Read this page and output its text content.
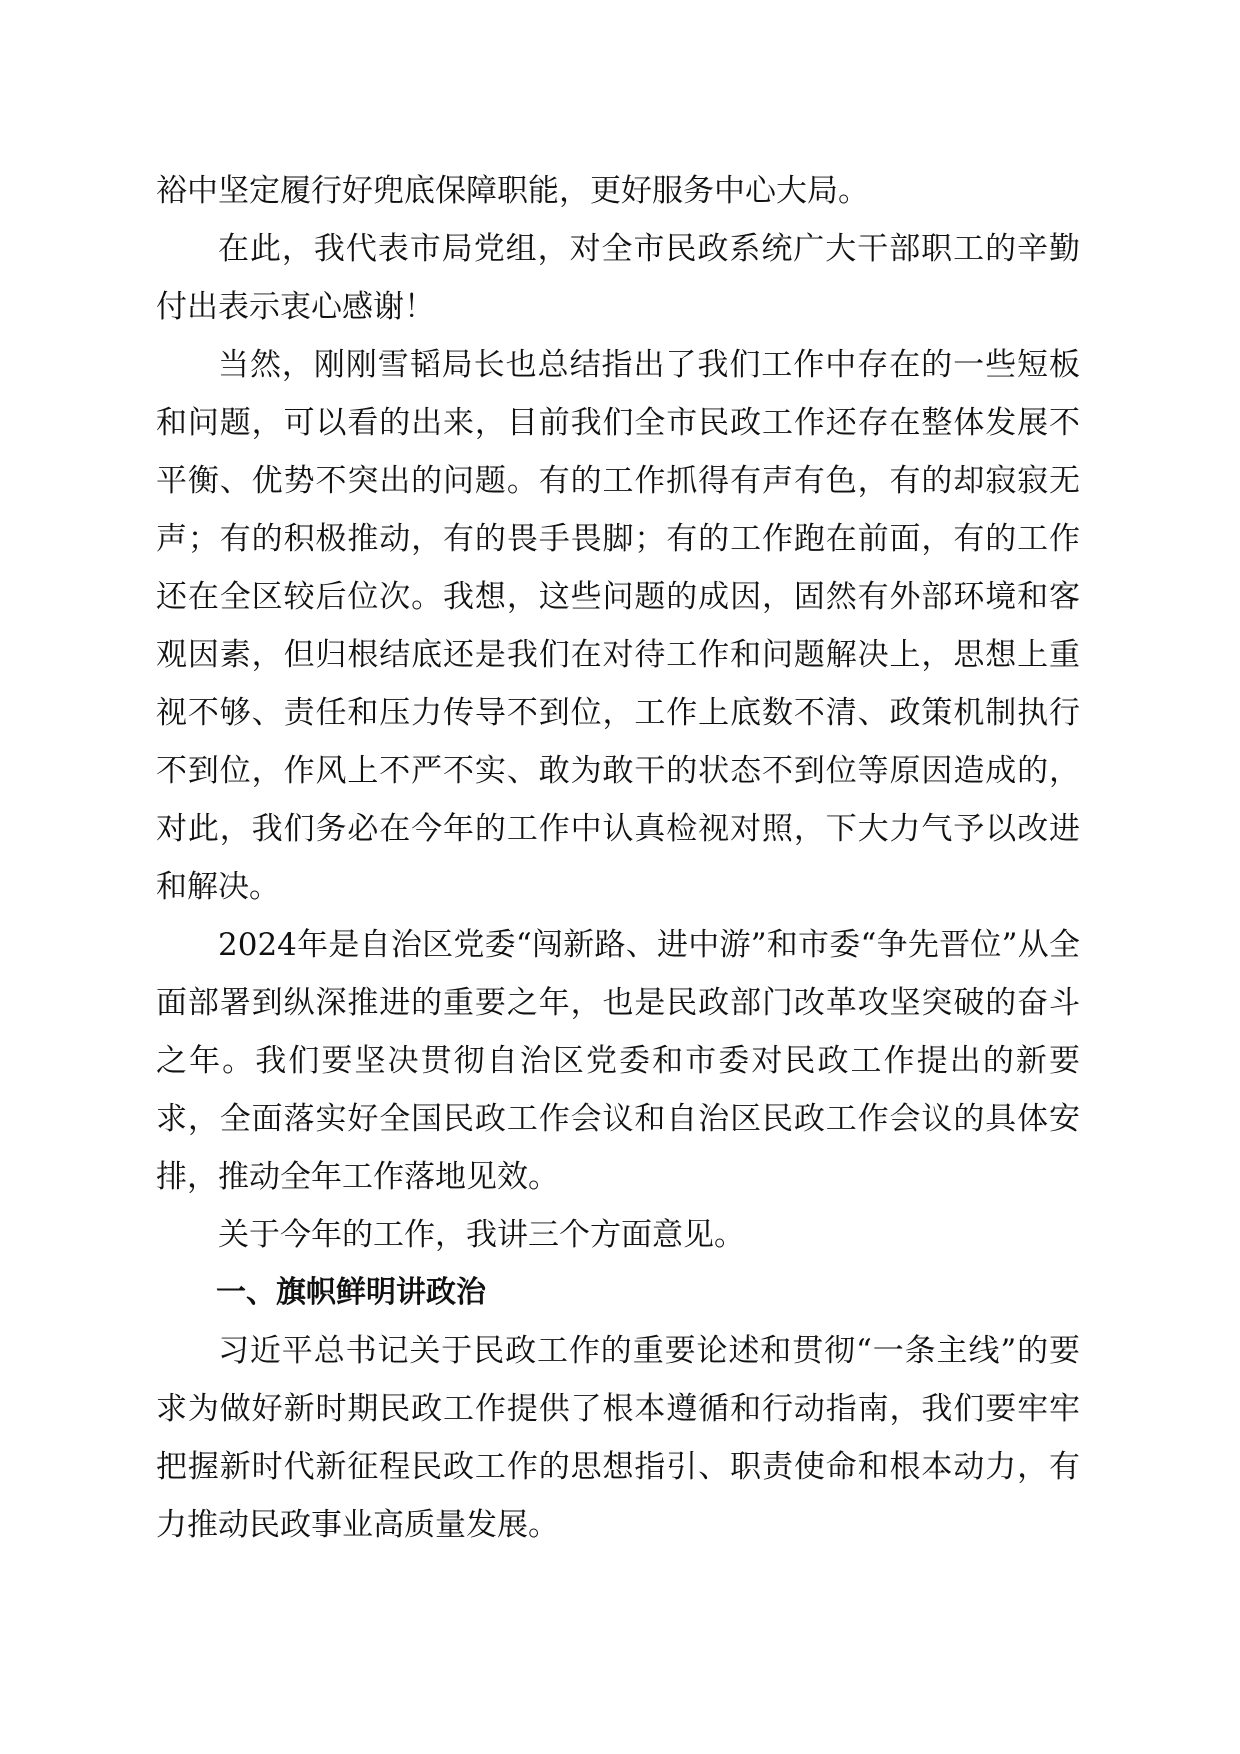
裕中坚定履行好兜底保障职能，更好服务中心大局。

在此，我代表市局党组，对全市民政系统广大干部职工的辛勤付出表示衷心感谢！

当然，刚刚雪韬局长也总结指出了我们工作中存在的一些短板和问题，可以看的出来，目前我们全市民政工作还存在整体发展不平衡、优势不突出的问题。有的工作抓得有声有色，有的却寂寂无声；有的积极推动，有的畏手畏脚；有的工作跑在前面，有的工作还在全区较后位次。我想，这些问题的成因，固然有外部环境和客观因素，但归根结底还是我们在对待工作和问题解决上，思想上重视不够、责任和压力传导不到位，工作上底数不清、政策机制执行不到位，作风上不严不实、敢为敢干的状态不到位等原因造成的，对此，我们务必在今年的工作中认真检视对照，下大力气予以改进和解决。

2024年是自治区党委“闯新路、进中游”和市委“争先晋位”从全面部署到纵深推进的重要之年，也是民政部门改革攻坚突破的奋斗之年。我们要坚决贯彻自治区党委和市委对民政工作提出的新要求，全面落实好全国民政工作会议和自治区民政工作会议的具体安排，推动全年工作落地见效。

关于今年的工作，我讲三个方面意见。

一、旗帜鲜明讲政治

习近平总书记关于民政工作的重要论述和贯彻“一条主线”的要求为做好新时期民政工作提供了根本遵循和行动指南，我们要牢牢把握新时代新征程民政工作的思想指引、职责使命和根本动力，有力推动民政事业高质量发展。
